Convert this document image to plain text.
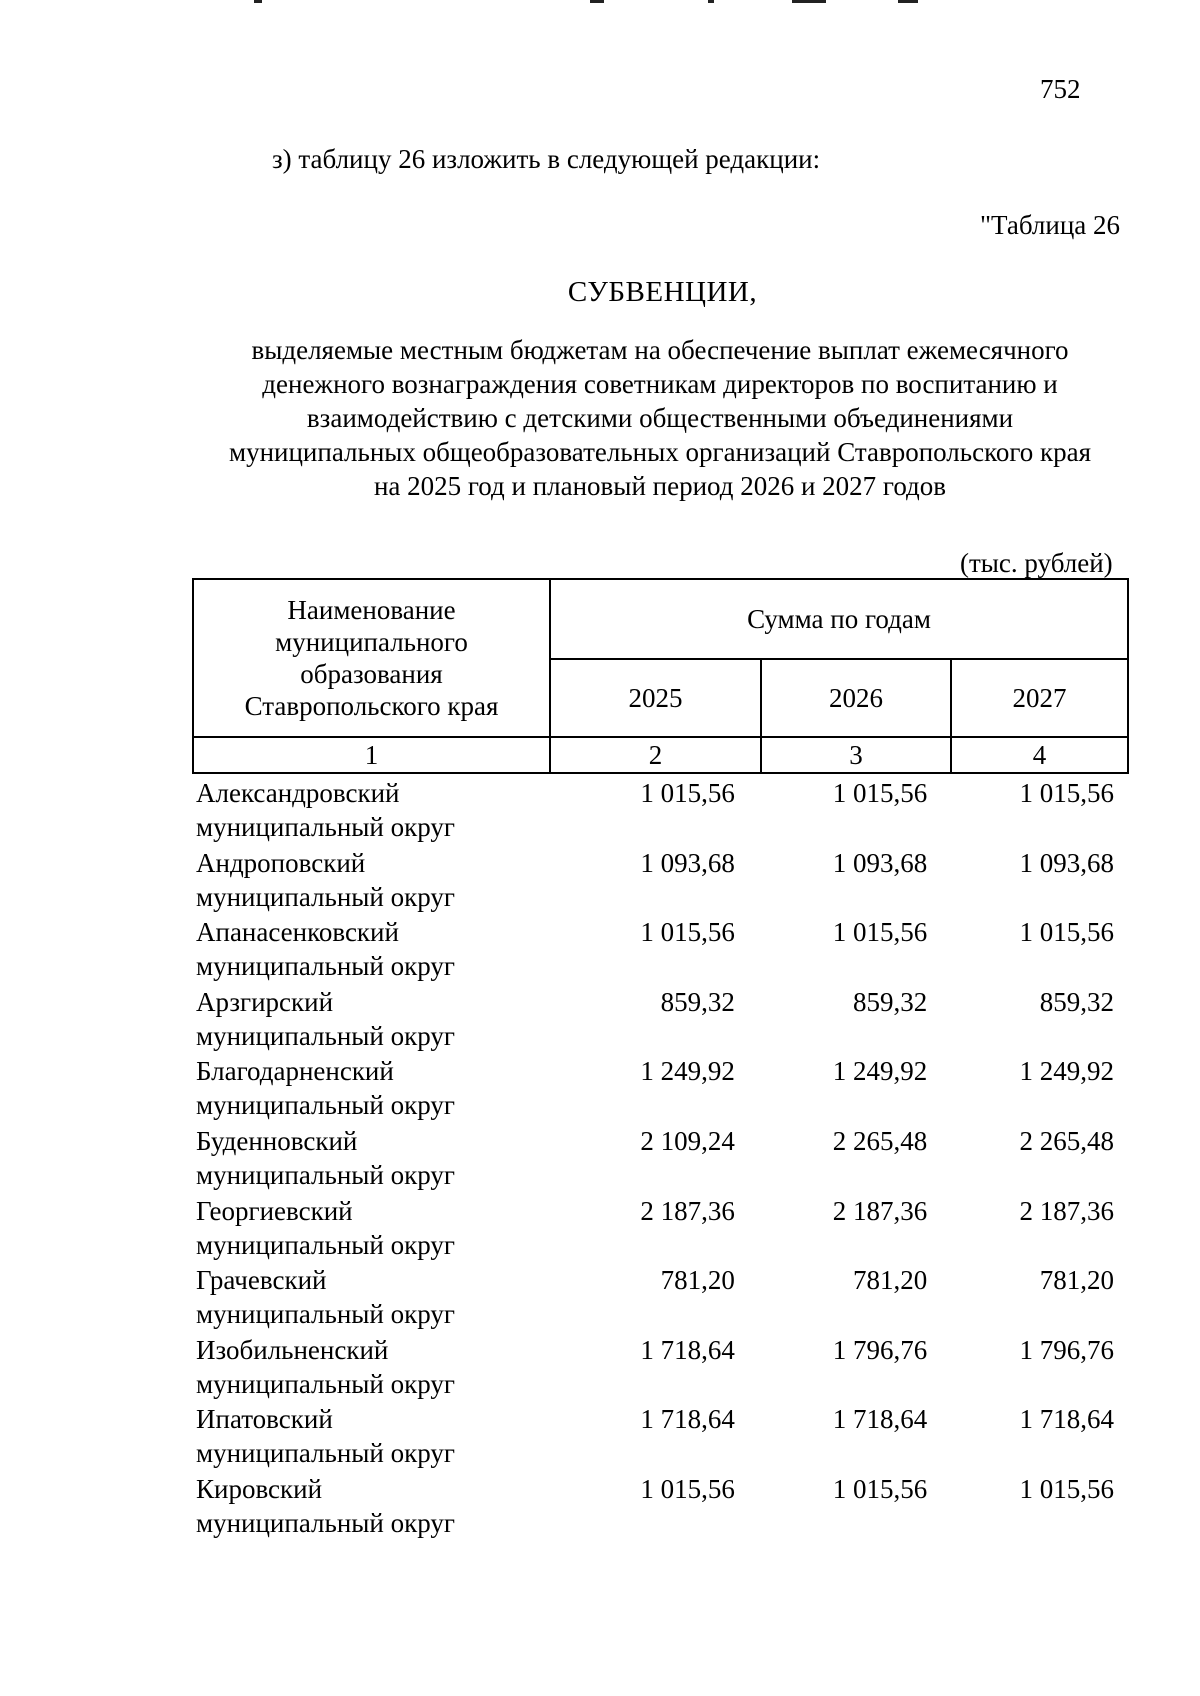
752
з) таблицу 26 изложить в следующей редакции:
"Таблица 26
СУБВЕНЦИИ,
выделяемые местным бюджетам на обеспечение выплат ежемесячного
денежного вознаграждения советникам директоров по воспитанию и
взаимодействию с детскими общественными объединениями
муниципальных общеобразовательных организаций Ставропольского края
на 2025 год и плановый период 2026 и 2027 годов
(тыс. рублей)
Наименование
муниципального
образования
Ставропольского края	Сумма по годам		
	2025	2026	2027
1	2	3	4
Александровский
муниципальный округ	1 015,56	1 015,56	1 015,56

Андроповский
муниципальный округ	1 093,68	1 093,68	1 093,68

Апанасенковский
муниципальный округ	1 015,56	1 015,56	1 015,56

Арзгирский
муниципальный округ	859,32	859,32	859,32

Благодарненский
муниципальный округ	1 249,92	1 249,92	1 249,92

Буденновский
муниципальный округ	2 109,24	2 265,48	2 265,48

Георгиевский
муниципальный округ	2 187,36	2 187,36	2 187,36

Грачевский
муниципальный округ	781,20	781,20	781,20

Изобильненский
муниципальный округ	1 718,64	1 796,76	1 796,76

Ипатовский
муниципальный округ	1 718,64	1 718,64	1 718,64

Кировский
муниципальный округ	1 015,56	1 015,56	1 015,56
